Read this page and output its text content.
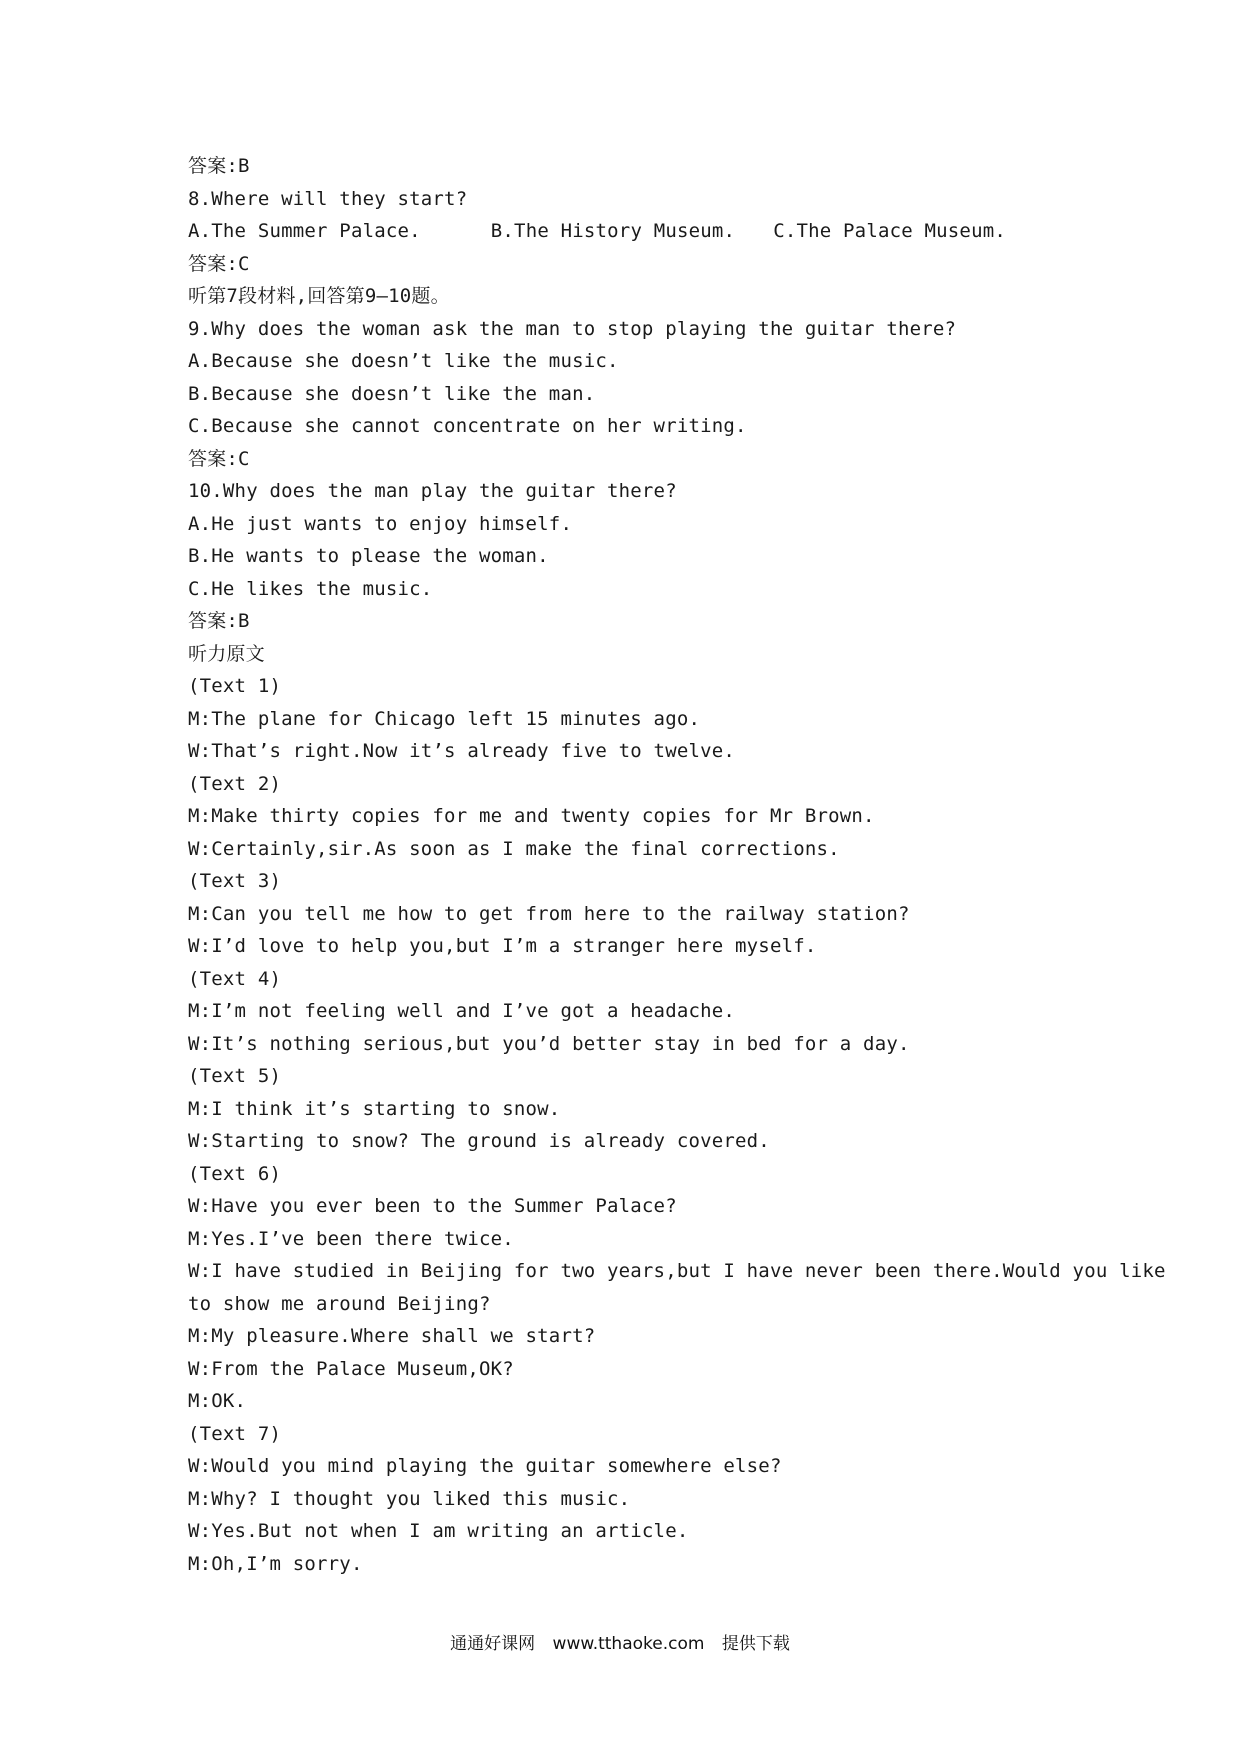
答案:B
8.Where will they start?
A.The Summer Palace.	B.The History Museum. C.The Palace Museum.
答案:C
听第7段材料,回答第9—10题。
9.Why does the woman ask the man to stop playing the guitar there?
A.Because she doesn’t like the music.
B.Because she doesn’t like the man.
C.Because she cannot concentrate on her writing.
答案:C
10.Why does the man play the guitar there?
A.He just wants to enjoy himself.
B.He wants to please the woman.
C.He likes the music.
答案:B
听力原文
(Text 1)
M:The plane for Chicago left 15 minutes ago.
W:That’s right.Now it’s already five to twelve.
(Text 2)
M:Make thirty copies for me and twenty copies for Mr Brown.
W:Certainly,sir.As soon as I make the final corrections.
(Text 3)
M:Can you tell me how to get from here to the railway station?
W:I’d love to help you,but I’m a stranger here myself.
(Text 4)
M:I’m not feeling well and I’ve got a headache.
W:It’s nothing serious,but you’d better stay in bed for a day.
(Text 5)
M:I think it’s starting to snow.
W:Starting to snow? The ground is already covered.
(Text 6)
W:Have you ever been to the Summer Palace?
M:Yes.I’ve been there twice.
W:I have studied in Beijing for two years,but I have never been there.Would you like
to show me around Beijing?
M:My pleasure.Where shall we start?
W:From the Palace Museum,OK?
M:OK.
(Text 7)
W:Would you mind playing the guitar somewhere else?
M:Why? I thought you liked this music.
W:Yes.But not when I am writing an article.
M:Oh,I’m sorry.
通通好课网 www.tthaoke.com 提供下载
